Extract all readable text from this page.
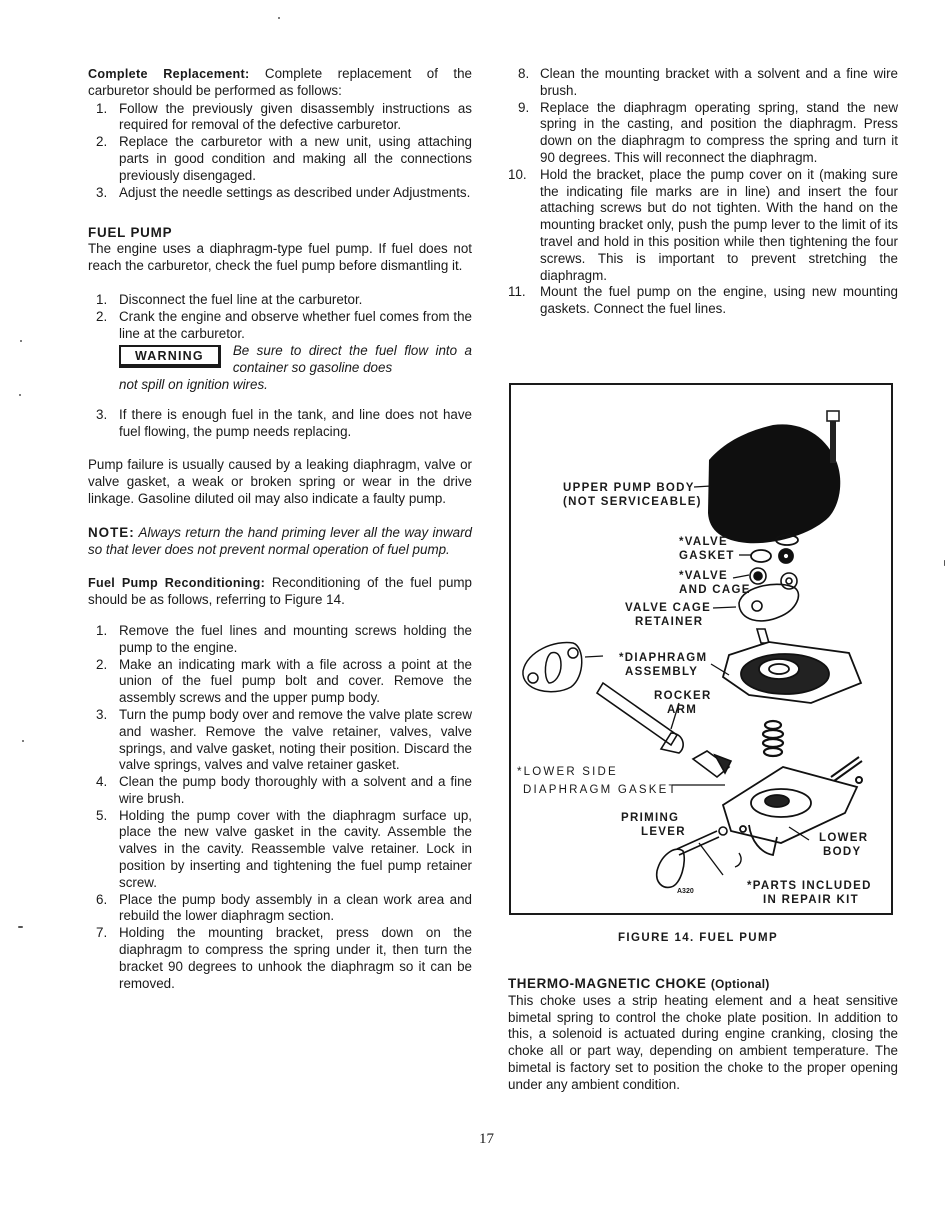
Complete Replacement: Complete replacement of the carburetor should be performed as follows:

1. Follow the previously given disassembly instructions as required for removal of the defective carburetor.
2. Replace the carburetor with a new unit, using attaching parts in good condition and making all the connections previously disengaged.
3. Adjust the needle settings as described under Adjustments.
FUEL PUMP

The engine uses a diaphragm-type fuel pump. If fuel does not reach the carburetor, check the fuel pump before dismantling it.

1. Disconnect the fuel line at the carburetor.
2. Crank the engine and observe whether fuel comes from the line at the carburetor.
WARNING	Be sure to direct the fuel flow into a container so gasoline does
not spill on ignition wires.
3. If there is enough fuel in the tank, and line does not have fuel flowing, the pump needs replacing.

Pump failure is usually caused by a leaking diaphragm, valve or valve gasket, a weak or broken spring or wear in the drive linkage. Gasoline diluted oil may also indicate a faulty pump.

NOTE: Always return the hand priming lever all the way inward so that lever does not prevent normal operation of fuel pump.

Fuel Pump Reconditioning: Reconditioning of the fuel pump should be as follows, referring to Figure 14.

1. Remove the fuel lines and mounting screws holding the pump to the engine.
2. Make an indicating mark with a file across a point at the union of the fuel pump bolt and cover. Remove the assembly screws and the upper pump body.
3. Turn the pump body over and remove the valve plate screw and washer. Remove the valve retainer, valves, valve springs, and valve gasket, noting their position. Discard the valve springs, valves and valve retainer gasket.
4. Clean the pump body thoroughly with a solvent and a fine wire brush.
5. Holding the pump cover with the diaphragm surface up, place the new valve gasket in the cavity. Assemble the valves in the cavity. Reassemble valve retainer. Lock in position by inserting and tightening the fuel pump retainer screw.
6. Place the pump body assembly in a clean work area and rebuild the lower diaphragm section.
7. Holding the mounting bracket, press down on the diaphragm to compress the spring under it, then turn the bracket 90 degrees to unhook the diaphragm so it can be removed.
8. Clean the mounting bracket with a solvent and a fine wire brush.
9. Replace the diaphragm operating spring, stand the new spring in the casting, and position the diaphragm. Press down on the diaphragm to compress the spring and turn it 90 degrees. This will reconnect the diaphragm.
10. Hold the bracket, place the pump cover on it (making sure the indicating file marks are in line) and insert the four attaching screws but do not tighten. With the hand on the mounting bracket only, push the pump lever to the limit of its travel and hold in this position while then tightening the four screws. This is important to prevent stretching the diaphragm.
11. Mount the fuel pump on the engine, using new mounting gaskets. Connect the fuel lines.
UPPER PUMP BODY
(NOT SERVICEABLE)
*VALVE
GASKET
*VALVE
AND CAGE
VALVE CAGE
RETAINER
*DIAPHRAGM
ASSEMBLY
ROCKER
ARM
*LOWER SIDE
DIAPHRAGM GASKET
PRIMING
LEVER	LOWER
BODY
*PARTS INCLUDED
IN REPAIR KIT
A320
FIGURE 14. FUEL PUMP
THERMO-MAGNETIC CHOKE (Optional)

This choke uses a strip heating element and a heat sensitive bimetal spring to control the choke plate position. In addition to this, a solenoid is actuated during engine cranking, closing the choke all or part way, depending on ambient temperature. The bimetal is factory set to position the choke to the proper opening under any ambient condition.

17
